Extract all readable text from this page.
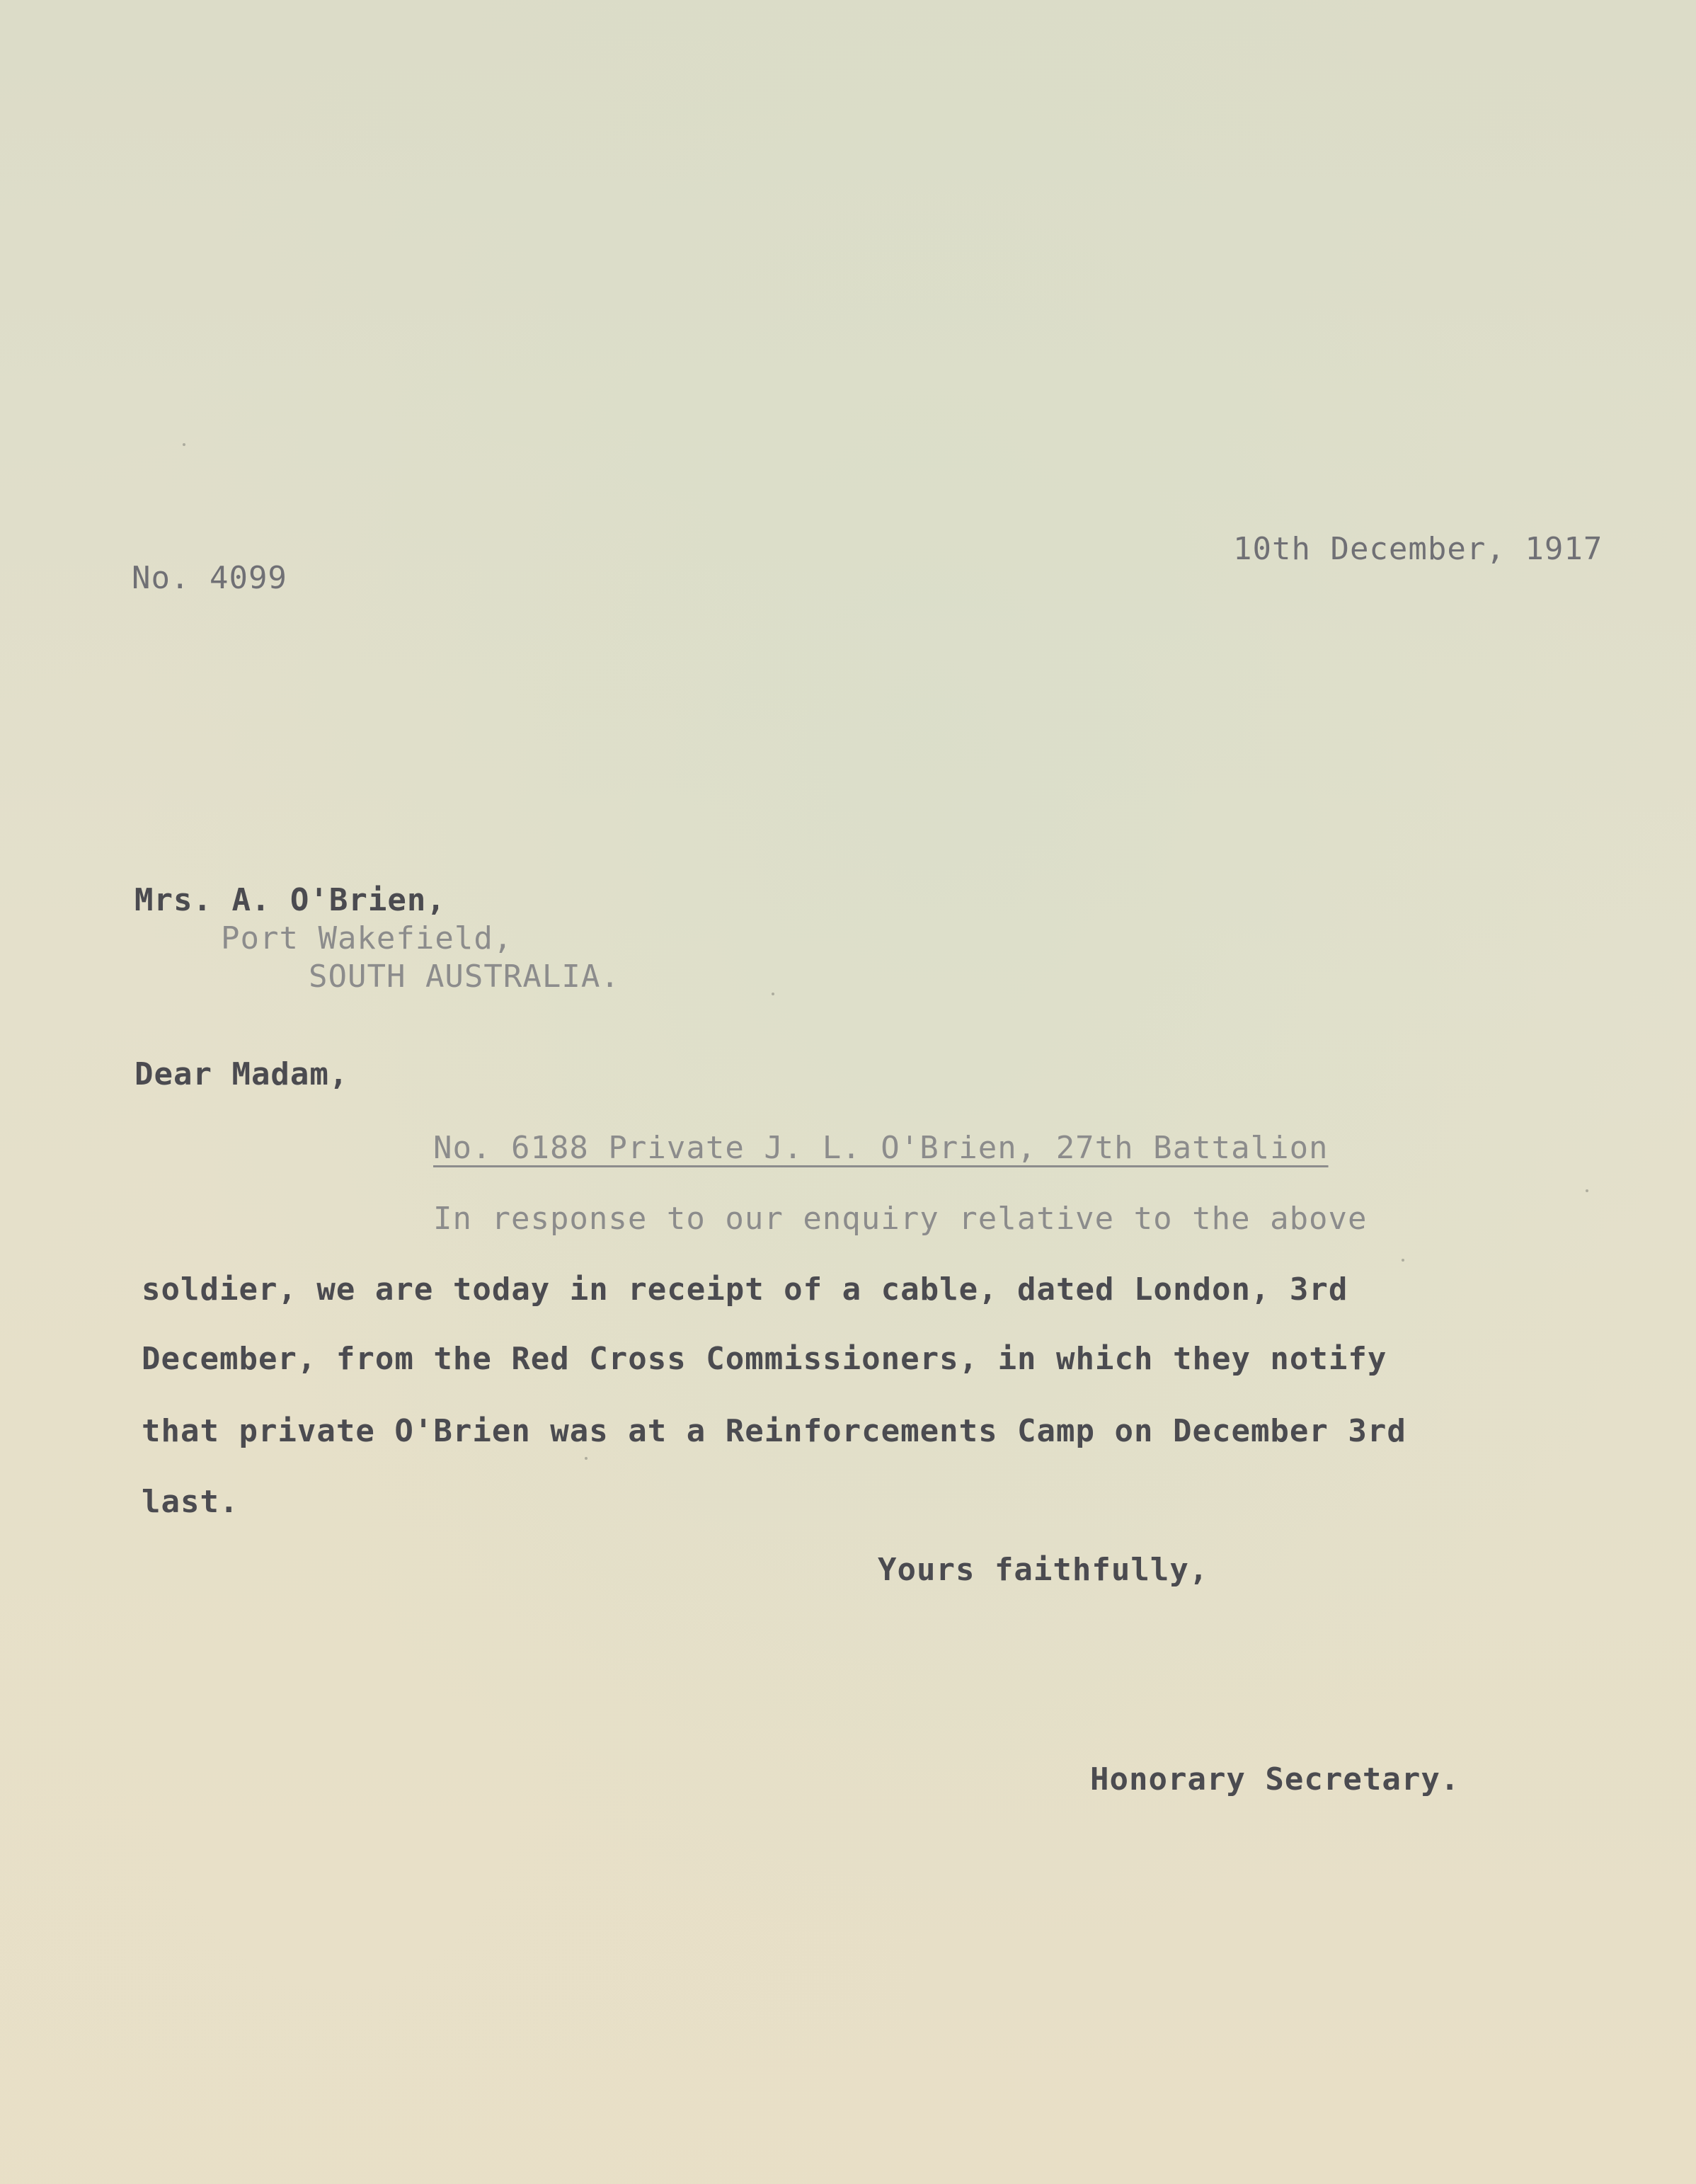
No. 4099
10th December, 1917
Mrs. A. O'Brien,
Port Wakefield,
SOUTH AUSTRALIA.
Dear Madam,
No. 6188 Private J. L. O'Brien, 27th Battalion
In response to our enquiry relative to the above
soldier, we are today in receipt of a cable, dated London, 3rd
December, from the Red Cross Commissioners, in which they notify
that private O'Brien was at a Reinforcements Camp on December 3rd
last.
Yours faithfully,
Honorary Secretary.
